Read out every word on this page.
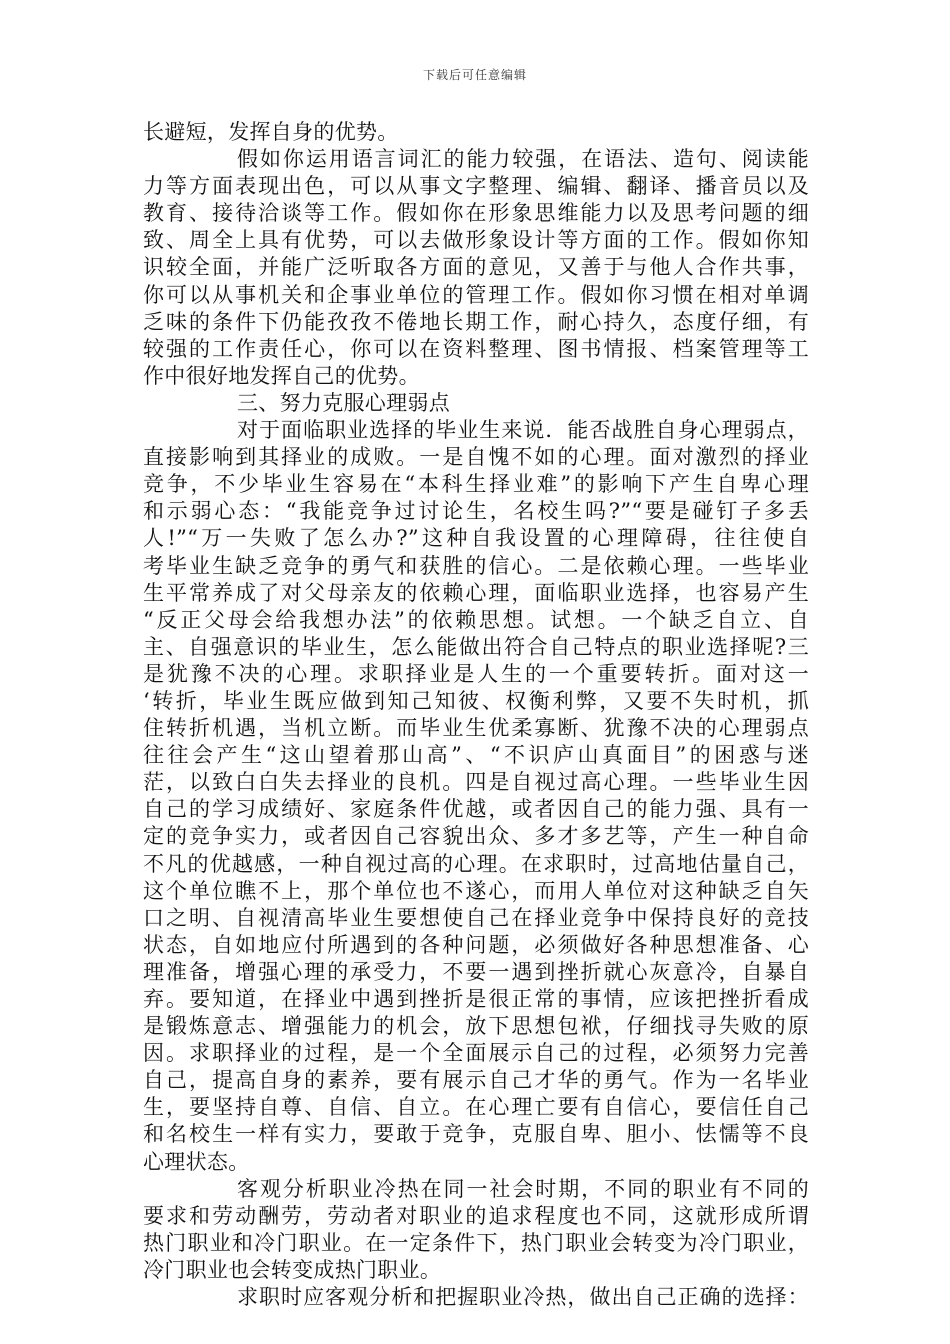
下载后可任意编辑
长避短，发挥自身的优势。
假如你运用语言词汇的能力较强，在语法、造句、阅读能
力等方面表现出色，可以从事文字整理、编辑、翻译、播音员以及
教育、接待洽谈等工作。假如你在形象思维能力以及思考问题的细
致、周全上具有优势，可以去做形象设计等方面的工作。假如你知
识较全面，并能广泛听取各方面的意见，又善于与他人合作共事，
你可以从事机关和企事业单位的管理工作。假如你习惯在相对单调
乏味的条件下仍能孜孜不倦地长期工作，耐心持久，态度仔细，有
较强的工作责任心，你可以在资料整理、图书情报、档案管理等工
作中很好地发挥自己的优势。
三、努力克服心理弱点
对于面临职业选择的毕业生来说．能否战胜自身心理弱点，
直接影响到其择业的成败。一是自愧不如的心理。面对激烈的择业
竞争，不少毕业生容易在“本科生择业难”的影响下产生自卑心理
和示弱心态：“我能竞争过讨论生，名校生吗?”“要是碰钉子多丢
人!”“万一失败了怎么办?”这种自我设置的心理障碍，往往使自
考毕业生缺乏竞争的勇气和获胜的信心。二是依赖心理。一些毕业
生平常养成了对父母亲友的依赖心理，面临职业选择，也容易产生
“反正父母会给我想办法”的依赖思想。试想。一个缺乏自立、自
主、自强意识的毕业生，怎么能做出符合自己特点的职业选择呢?三
是犹豫不决的心理。求职择业是人生的一个重要转折。面对这一
‘转折，毕业生既应做到知己知彼、权衡利弊，又要不失时机，抓
住转折机遇，当机立断。而毕业生优柔寡断、犹豫不决的心理弱点
往往会产生“这山望着那山高”、“不识庐山真面目”的困惑与迷
茫，以致白白失去择业的良机。四是自视过高心理。一些毕业生因
自己的学习成绩好、家庭条件优越，或者因自己的能力强、具有一
定的竞争实力，或者因自己容貌出众、多才多艺等，产生一种自命
不凡的优越感，一种自视过高的心理。在求职时，过高地估量自己，
这个单位瞧不上，那个单位也不遂心，而用人单位对这种缺乏自矢
口之明、自视清高毕业生要想使自己在择业竞争中保持良好的竞技
状态，自如地应付所遇到的各种问题，必须做好各种思想准备、心
理准备，增强心理的承受力，不要一遇到挫折就心灰意冷，自暴自
弃。要知道，在择业中遇到挫折是很正常的事情，应该把挫折看成
是锻炼意志、增强能力的机会，放下思想包袱，仔细找寻失败的原
因。求职择业的过程，是一个全面展示自己的过程，必须努力完善
自己，提高自身的素养，要有展示自己才华的勇气。作为一名毕业
生，要坚持自尊、自信、自立。在心理亡要有自信心，要信任自己
和名校生一样有实力，要敢于竞争，克服自卑、胆小、怯懦等不良
心理状态。
客观分析职业冷热在同一社会时期，不同的职业有不同的
要求和劳动酬劳，劳动者对职业的追求程度也不同，这就形成所谓
热门职业和冷门职业。在一定条件下，热门职业会转变为冷门职业，
冷门职业也会转变成热门职业。
求职时应客观分析和把握职业冷热，做出自己正确的选择：
